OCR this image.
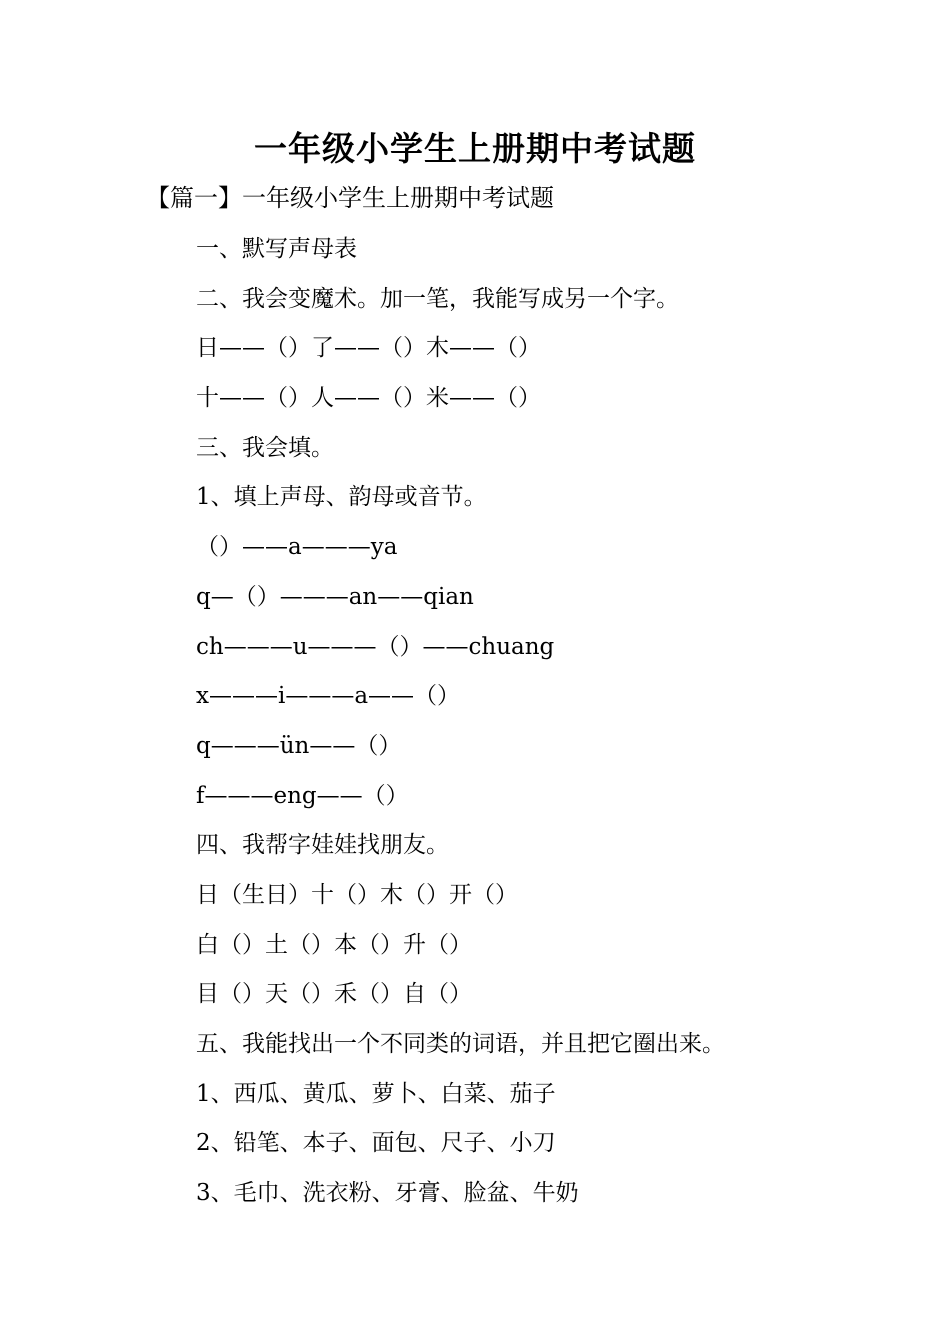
一年级小学生上册期中考试题
【篇一】一年级小学生上册期中考试题
一、默写声母表
二、我会变魔术。加一笔，我能写成另一个字。
日——（）了——（）木——（）
十——（）人——（）米——（）
三、我会填。
1、填上声母、韵母或音节。
（）——a———ya
q—（）———an——qian
ch———u———（）——chuang
x———i———a——（）
q———ün——（）
f———eng——（）
四、我帮字娃娃找朋友。
日（生日）十（）木（）开（）
白（）土（）本（）升（）
目（）天（）禾（）自（）
五、我能找出一个不同类的词语，并且把它圈出来。
1、西瓜、黄瓜、萝卜、白菜、茄子
2、铅笔、本子、面包、尺子、小刀
3、毛巾、洗衣粉、牙膏、脸盆、牛奶
